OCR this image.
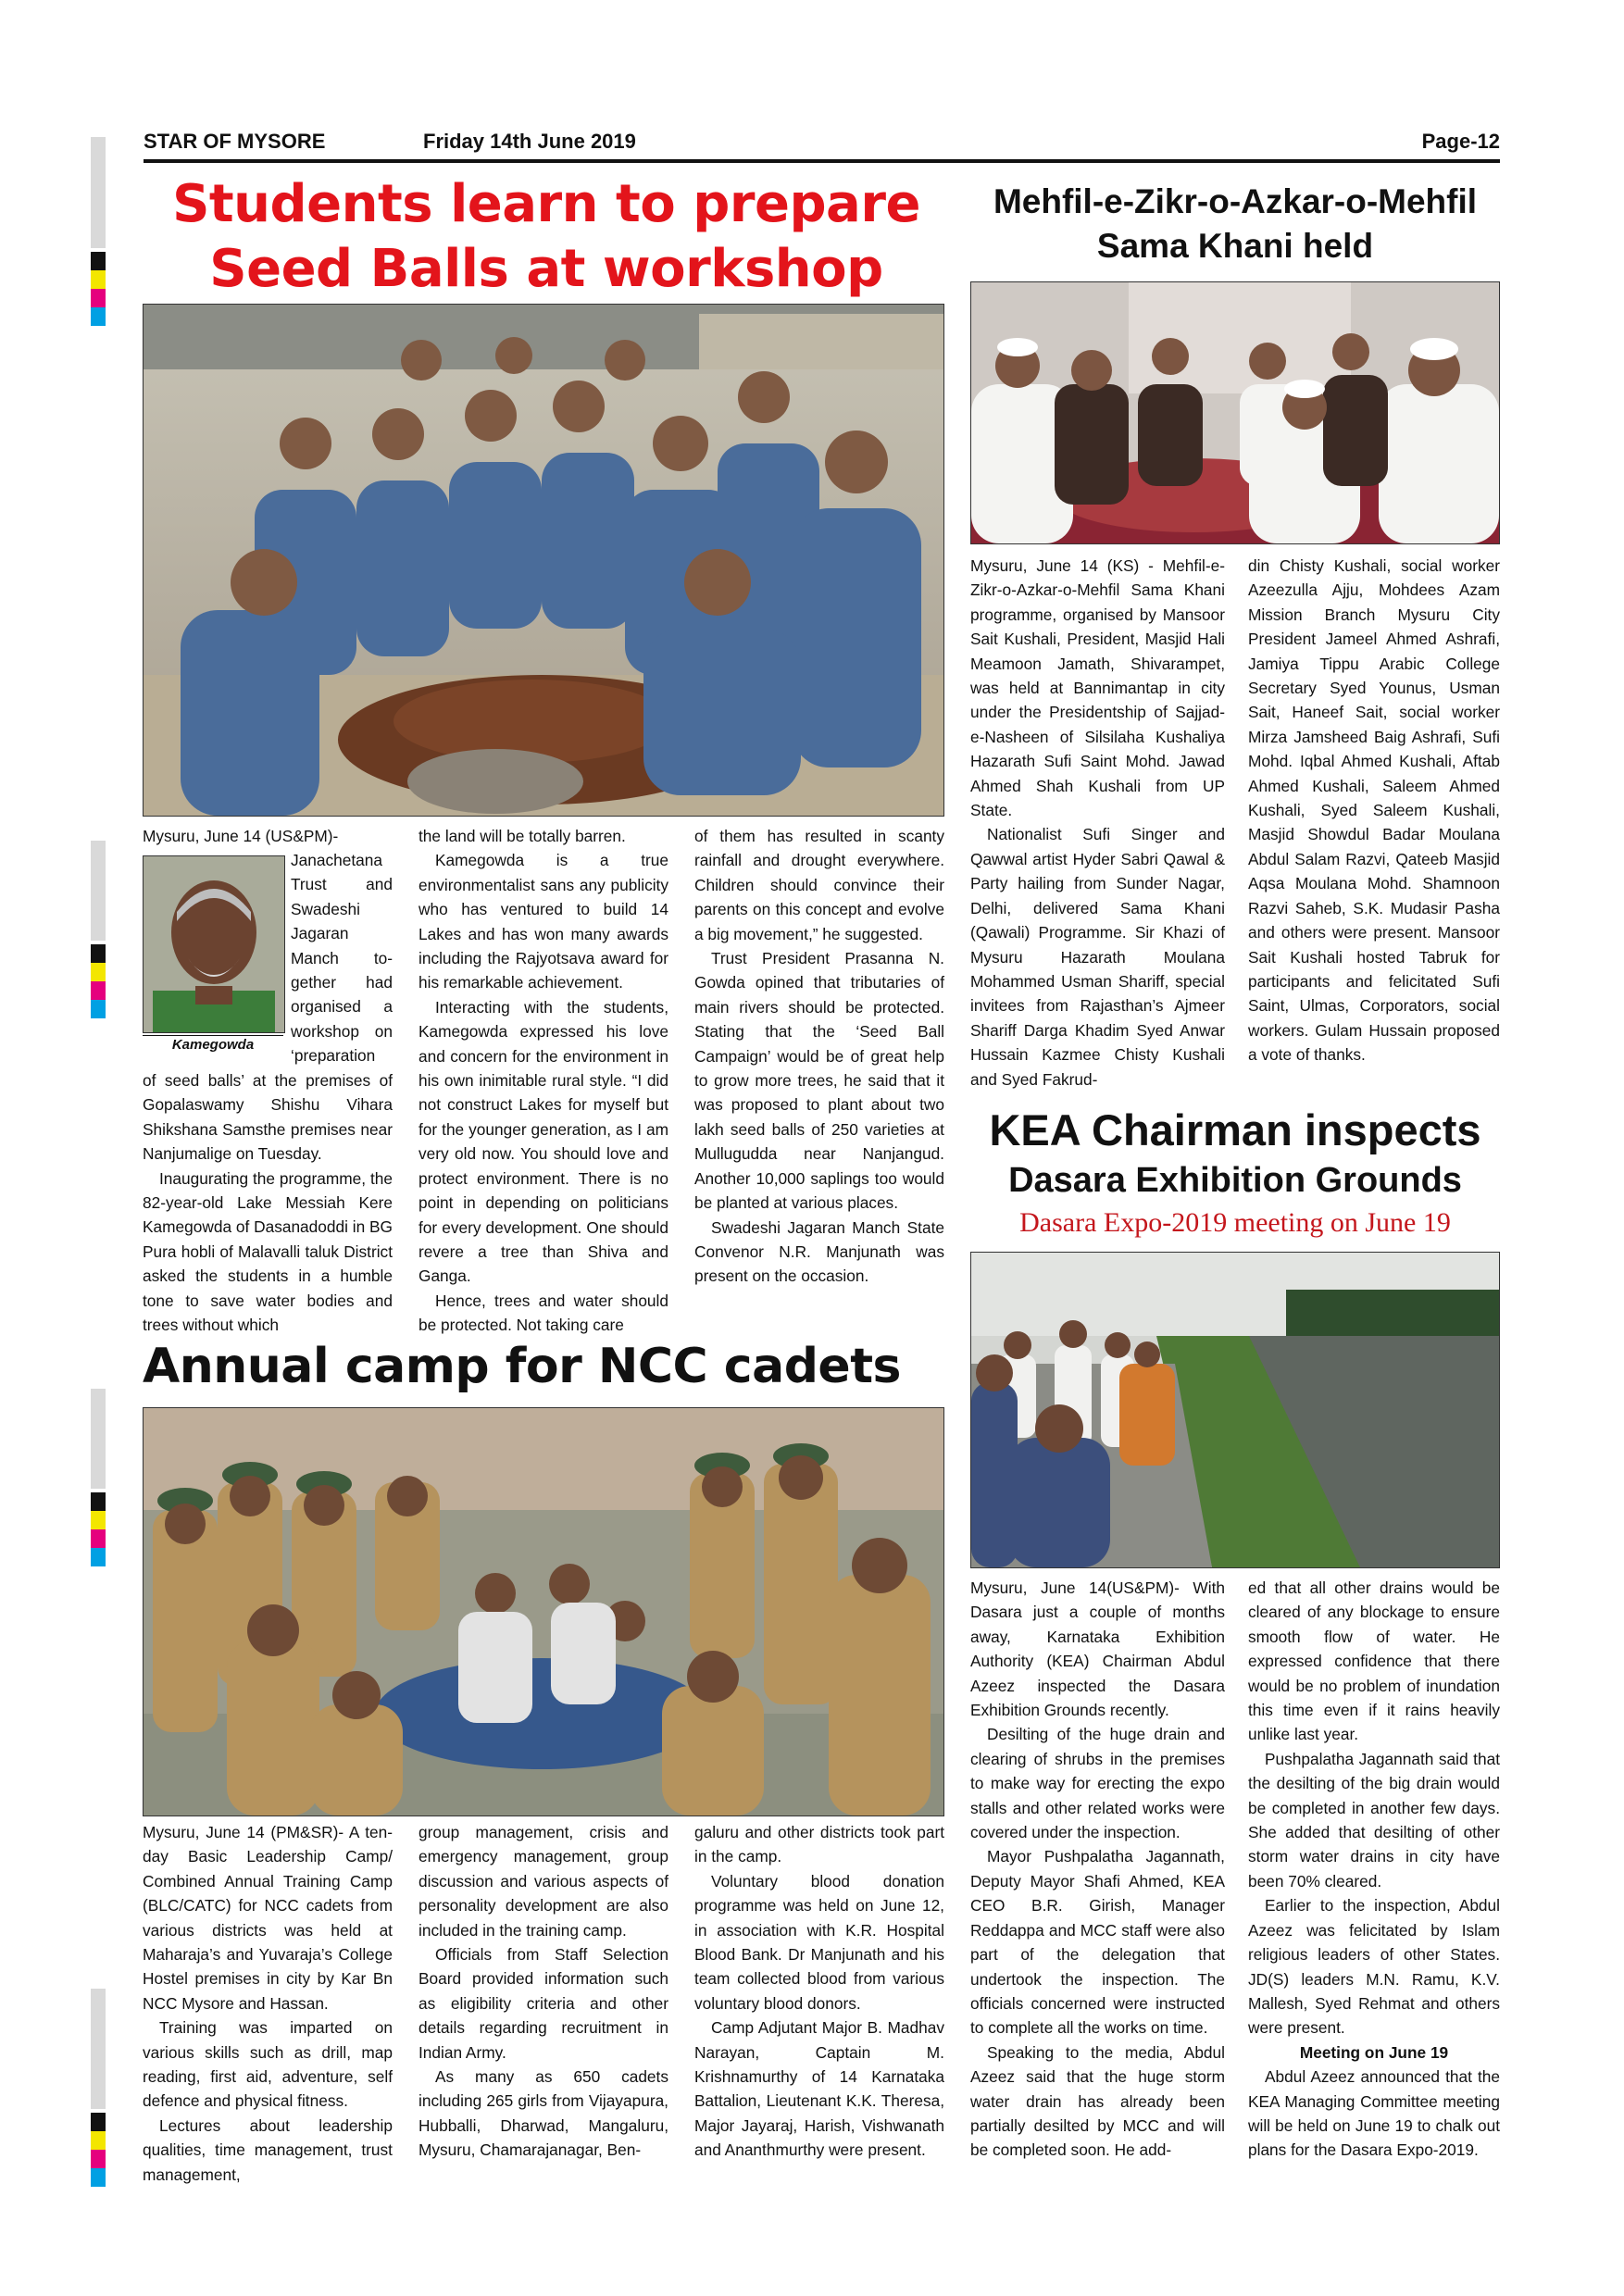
STAR OF MYSORE	Friday 14th June 2019	Page-12
Students learn to prepare
Seed Balls at workshop
Mysuru, June 14 (US&PM)-
Kamegowda
Janachetana
Trust and
Swadeshi
Jagaran
Manch to-
gether had
organised a
workshop on
‘preparation

of seed balls’ at the premises of Gopalaswamy Shishu Vihara Shikshana Samsthe premises near Nanjumalige on Tuesday.

Inaugurating the programme, the 82-year-old Lake Messiah Kere Kamegowda of Dasanadoddi in BG Pura hobli of Malavalli taluk District asked the students in a humble tone to save water bodies and trees without which

the land will be totally barren.

Kamegowda is a true environmentalist sans any publicity who has ventured to build 14 Lakes and has won many awards including the Rajyotsava award for his remarkable achievement.

Interacting with the students, Kamegowda expressed his love and concern for the environment in his own inimitable rural style. “I did not construct Lakes for myself but for the younger generation, as I am very old now. You should love and protect environment. There is no point in depending on politicians for every development. One should revere a tree than Shiva and Ganga.

Hence, trees and water should be protected. Not taking care

of them has resulted in scanty rainfall and drought everywhere. Children should convince their parents on this concept and evolve a big movement,” he suggested.

Trust President Prasanna N. Gowda opined that tributaries of main rivers should be protected. Stating that the ‘Seed Ball Campaign’ would be of great help to grow more trees, he said that it was proposed to plant about two lakh seed balls of 250 varieties at Mullugudda near Nanjangud. Another 10,000 saplings too would be planted at various places.

Swadeshi Jagaran Manch State Convenor N.R. Manjunath was present on the occasion.

Annual camp for NCC cadets

Mysuru, June 14 (PM&SR)- A ten-day Basic Leadership Camp/ Combined Annual Training Camp (BLC/CATC) for NCC cadets from various districts was held at Maharaja’s and Yuvaraja’s College Hostel premises in city by Kar Bn NCC Mysore and Hassan.

Training was imparted on various skills such as drill, map reading, first aid, adventure, self defence and physical fitness.

Lectures about leadership qualities, time management, trust management,

group management, crisis and emergency management, group discussion and various aspects of personality development are also included in the training camp.

Officials from Staff Selection Board provided information such as eligibility criteria and other details regarding recruitment in Indian Army.

As many as 650 cadets including 265 girls from Vijayapura, Hubballi, Dharwad, Mangaluru, Mysuru, Chamarajanagar, Ben-

galuru and other districts took part in the camp.

Voluntary blood donation programme was held on June 12, in association with K.R. Hospital Blood Bank. Dr Manjunath and his team collected blood from various voluntary blood donors.

Camp Adjutant Major B. Madhav Narayan, Captain M. Krishnamurthy of 14 Karnataka Battalion, Lieutenant K.K. Theresa, Major Jayaraj, Harish, Vishwanath and Ananthmurthy were present.

Mehfil-e-Zikr-o-Azkar-o-Mehfil
Sama Khani held

Mysuru, June 14 (KS) - Mehfil-e-Zikr-o-Azkar-o-Mehfil Sama Khani programme, organised by Mansoor Sait Kushali, President, Masjid Hali Meamoon Jamath, Shivarampet, was held at Bannimantap in city under the Presidentship of Sajjad-e-Nasheen of Silsilaha Kushaliya Hazarath Sufi Saint Mohd. Jawad Ahmed Shah Kushali from UP State.

Nationalist Sufi Singer and Qawwal artist Hyder Sabri Qawal & Party hailing from Sunder Nagar, Delhi, delivered Sama Khani (Qawali) Programme. Sir Khazi of Mysuru Hazarath Moulana Mohammed Usman Shariff, special invitees from Rajasthan’s Ajmeer Shariff Darga Khadim Syed Anwar Hussain Kazmee Chisty Kushali and Syed Fakrud-

din Chisty Kushali, social worker Azeezulla Ajju, Mohdees Azam Mission Branch Mysuru City President Jameel Ahmed Ashrafi, Jamiya Tippu Arabic College Secretary Syed Younus, Usman Sait, Haneef Sait, social worker Mirza Jamsheed Baig Ashrafi, Sufi Mohd. Iqbal Ahmed Kushali, Aftab Ahmed Kushali, Saleem Ahmed Kushali, Syed Saleem Kushali, Masjid Showdul Badar Moulana Abdul Salam Razvi, Qateeb Masjid Aqsa Moulana Mohd. Shamnoon Razvi Saheb, S.K. Mudasir Pasha and others were present. Mansoor Sait Kushali hosted Tabruk for participants and felicitated Sufi Saint, Ulmas, Corporators, social workers. Gulam Hussain proposed a vote of thanks.

KEA Chairman inspects
Dasara Exhibition Grounds
Dasara Expo-2019 meeting on June 19

Mysuru, June 14(US&PM)- With Dasara just a couple of months away, Karnataka Exhibition Authority (KEA) Chairman Abdul Azeez inspected the Dasara Exhibition Grounds recently.

Desilting of the huge drain and clearing of shrubs in the premises to make way for erecting the expo stalls and other related works were covered under the inspection.

Mayor Pushpalatha Jagannath, Deputy Mayor Shafi Ahmed, KEA CEO B.R. Girish, Manager Reddappa and MCC staff were also part of the delegation that undertook the inspection. The officials concerned were instructed to complete all the works on time.

Speaking to the media, Abdul Azeez said that the huge storm water drain has already been partially desilted by MCC and will be completed soon. He add-

ed that all other drains would be cleared of any blockage to ensure smooth flow of water. He expressed confidence that there would be no problem of inundation this time even if it rains heavily unlike last year.

Pushpalatha Jagannath said that the desilting of the big drain would be completed in another few days. She added that desilting of other storm water drains in city have been 70% cleared.

Earlier to the inspection, Abdul Azeez was felicitated by Islam religious leaders of other States. JD(S) leaders M.N. Ramu, K.V. Mallesh, Syed Rehmat and others were present.

Meeting on June 19

Abdul Azeez announced that the KEA Managing Committee meeting will be held on June 19 to chalk out plans for the Dasara Expo-2019.
